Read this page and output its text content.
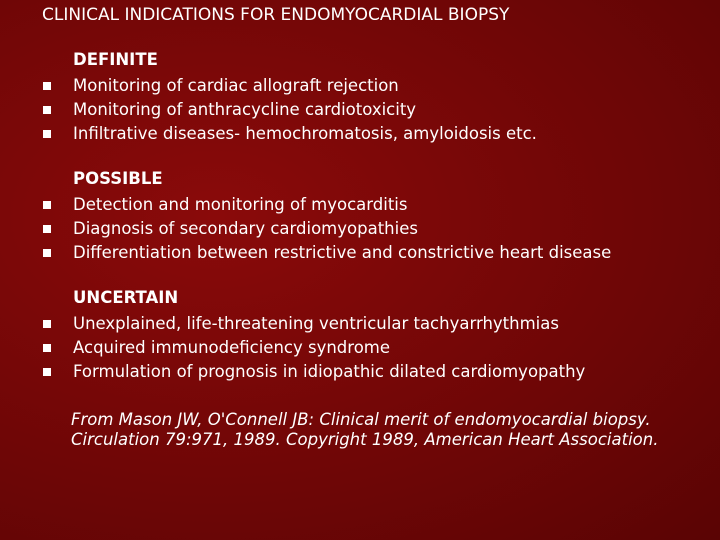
CLINICAL INDICATIONS FOR ENDOMYOCARDIAL BIOPSY
DEFINITE
Monitoring of cardiac allograft rejection
Monitoring of anthracycline cardiotoxicity
Infiltrative diseases- hemochromatosis, amyloidosis etc.
POSSIBLE
Detection and monitoring of myocarditis
Diagnosis of secondary cardiomyopathies
Differentiation between restrictive and constrictive heart disease
UNCERTAIN
Unexplained, life-threatening ventricular tachyarrhythmias
Acquired immunodeficiency syndrome
Formulation of prognosis in idiopathic dilated cardiomyopathy
From Mason JW, O'Connell JB: Clinical merit of endomyocardial biopsy. Circulation 79:971, 1989. Copyright 1989, American Heart Association.
